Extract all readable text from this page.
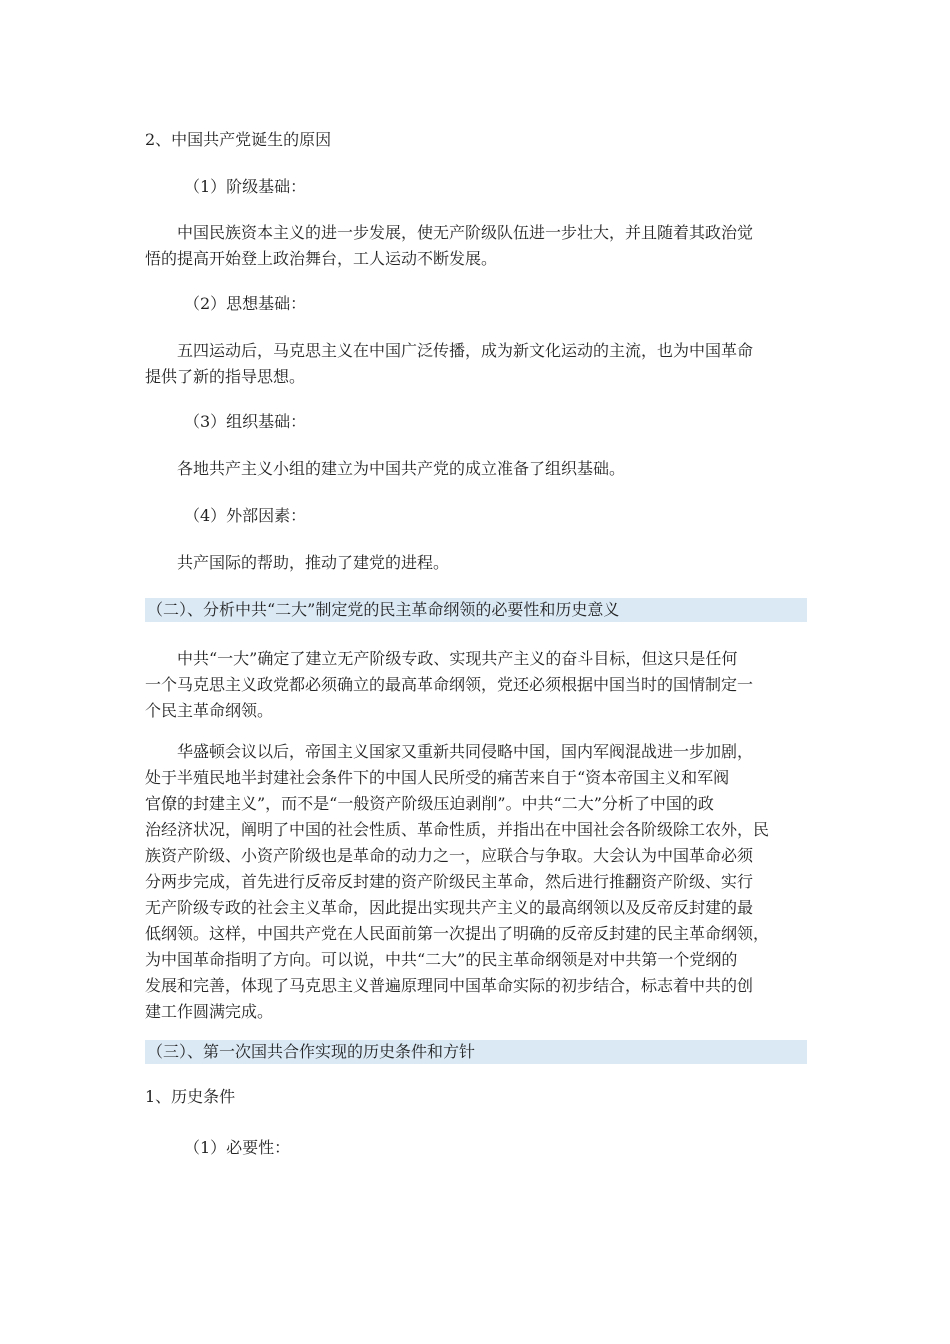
2、中国共产党诞生的原因
（1）阶级基础：
中国民族资本主义的进一步发展，使无产阶级队伍进一步壮大，并且随着其政治觉
悟的提高开始登上政治舞台，工人运动不断发展。
（2）思想基础：
五四运动后，马克思主义在中国广泛传播，成为新文化运动的主流，也为中国革命
提供了新的指导思想。
（3）组织基础：
各地共产主义小组的建立为中国共产党的成立准备了组织基础。
（4）外部因素：
共产国际的帮助，推动了建党的进程。
（二）、分析中共“二大”制定党的民主革命纲领的必要性和历史意义
中共“一大”确定了建立无产阶级专政、实现共产主义的奋斗目标，但这只是任何
一个马克思主义政党都必须确立的最高革命纲领，党还必须根据中国当时的国情制定一
个民主革命纲领。
华盛顿会议以后，帝国主义国家又重新共同侵略中国，国内军阀混战进一步加剧，
处于半殖民地半封建社会条件下的中国人民所受的痛苦来自于“资本帝国主义和军阀
官僚的封建主义”，而不是“一般资产阶级压迫剥削”。中共“二大”分析了中国的政
治经济状况，阐明了中国的社会性质、革命性质，并指出在中国社会各阶级除工农外，民
族资产阶级、小资产阶级也是革命的动力之一，应联合与争取。大会认为中国革命必须
分两步完成，首先进行反帝反封建的资产阶级民主革命，然后进行推翻资产阶级、实行
无产阶级专政的社会主义革命，因此提出实现共产主义的最高纲领以及反帝反封建的最
低纲领。这样，中国共产党在人民面前第一次提出了明确的反帝反封建的民主革命纲领，
为中国革命指明了方向。可以说，中共“二大”的民主革命纲领是对中共第一个党纲的
发展和完善，体现了马克思主义普遍原理同中国革命实际的初步结合，标志着中共的创
建工作圆满完成。
（三）、第一次国共合作实现的历史条件和方针
1、历史条件
（1）必要性：
